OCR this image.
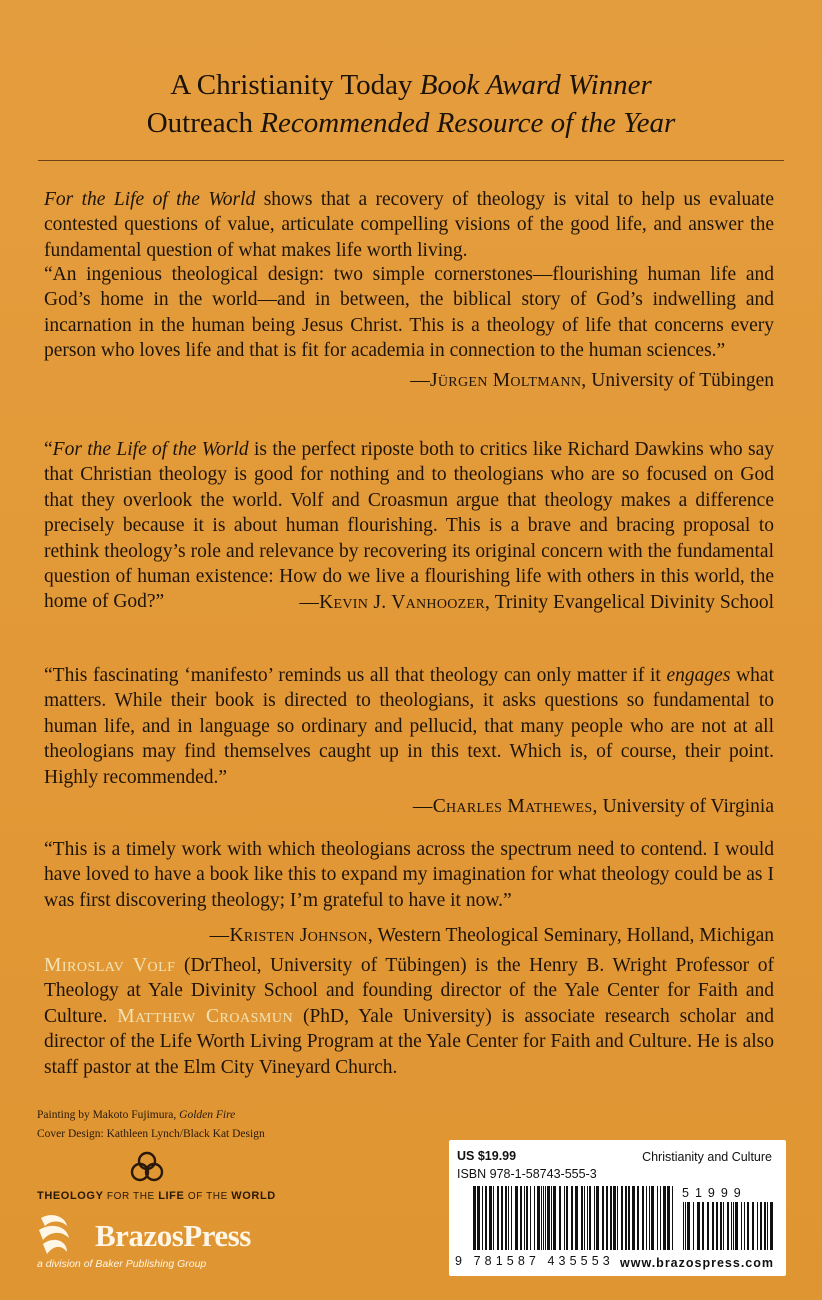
A Christianity Today Book Award Winner
Outreach Recommended Resource of the Year

For the Life of the World shows that a recovery of theology is vital to help us evaluate contested questions of value, articulate compelling visions of the good life, and answer the fundamental question of what makes life worth living.

“An ingenious theological design: two simple cornerstones—flourishing human life and God’s home in the world—and in between, the biblical story of God’s indwelling and incarnation in the human being Jesus Christ. This is a theology of life that concerns every person who loves life and that is fit for academia in connection to the human sciences.”

—Jürgen Moltmann, University of Tübingen

“For the Life of the World is the perfect riposte both to critics like Richard Dawkins who say that Christian theology is good for nothing and to theologians who are so focused on God that they overlook the world. Volf and Croasmun argue that theology makes a difference precisely because it is about human flourishing. This is a brave and bracing proposal to rethink theology’s role and relevance by recovering its original concern with the fundamental question of human existence: How do we live a flourishing life with others in this world, the home of God?”	—Kevin J. Vanhoozer, Trinity Evangelical Divinity School

“This fascinating ‘manifesto’ reminds us all that theology can only matter if it engages what matters. While their book is directed to theologians, it asks questions so fundamental to human life, and in language so ordinary and pellucid, that many people who are not at all theologians may find themselves caught up in this text. Which is, of course, their point. Highly recommended.”

—Charles Mathewes, University of Virginia

“This is a timely work with which theologians across the spectrum need to contend. I would have loved to have a book like this to expand my imagination for what theology could be as I was first discovering theology; I’m grateful to have it now.”

—Kristen Johnson, Western Theological Seminary, Holland, Michigan

Miroslav Volf (DrTheol, University of Tübingen) is the Henry B. Wright Professor of Theology at Yale Divinity School and founding director of the Yale Center for Faith and Culture. Matthew Croasmun (PhD, Yale University) is associate research scholar and director of the Life Worth Living Program at the Yale Center for Faith and Culture. He is also staff pastor at the Elm City Vineyard Church.

Painting by Makoto Fujimura, Golden Fire
Cover Design: Kathleen Lynch/Black Kat Design
THEOLOGY FOR THE LIFE OF THE WORLD
BrazosPress
a division of Baker Publishing Group
US $19.99	Christianity and Culture
ISBN 978-1-58743-555-3
9 781587 435553
51999
www.brazospress.com
